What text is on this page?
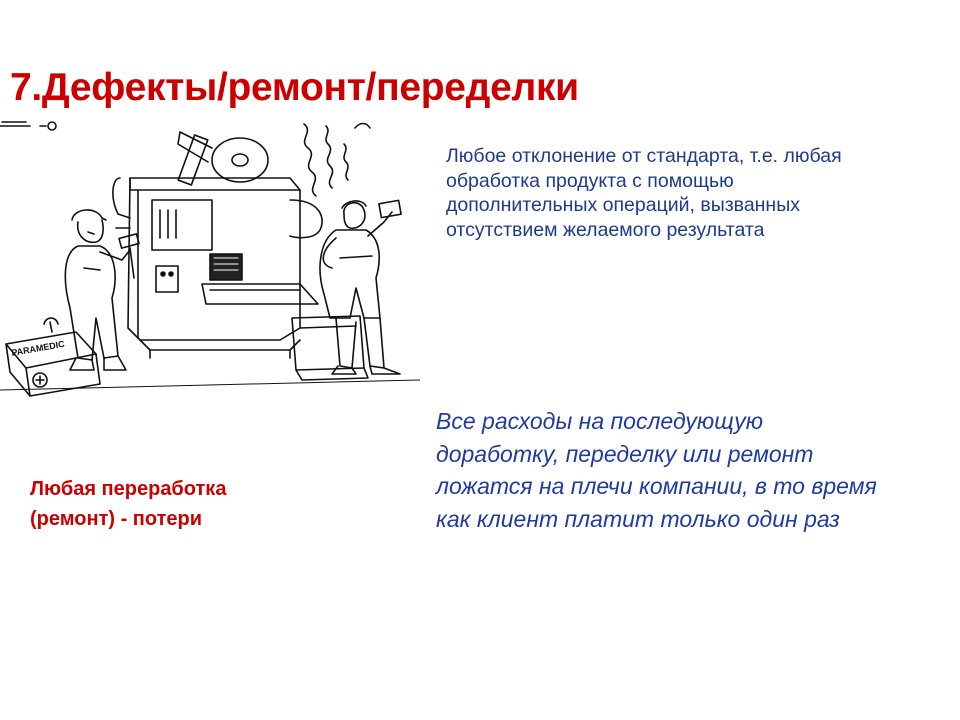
7.Дефекты/ремонт/переделки
PARAMEDIC
Любое отклонение от стандарта, т.е. любая
обработка продукта с помощью
дополнительных операций, вызванных
отсутствием желаемого результата
Все расходы на последующую
доработку, переделку или ремонт
ложатся на плечи компании, в то время
как клиент платит только один раз
Любая переработка
(ремонт) - потери
